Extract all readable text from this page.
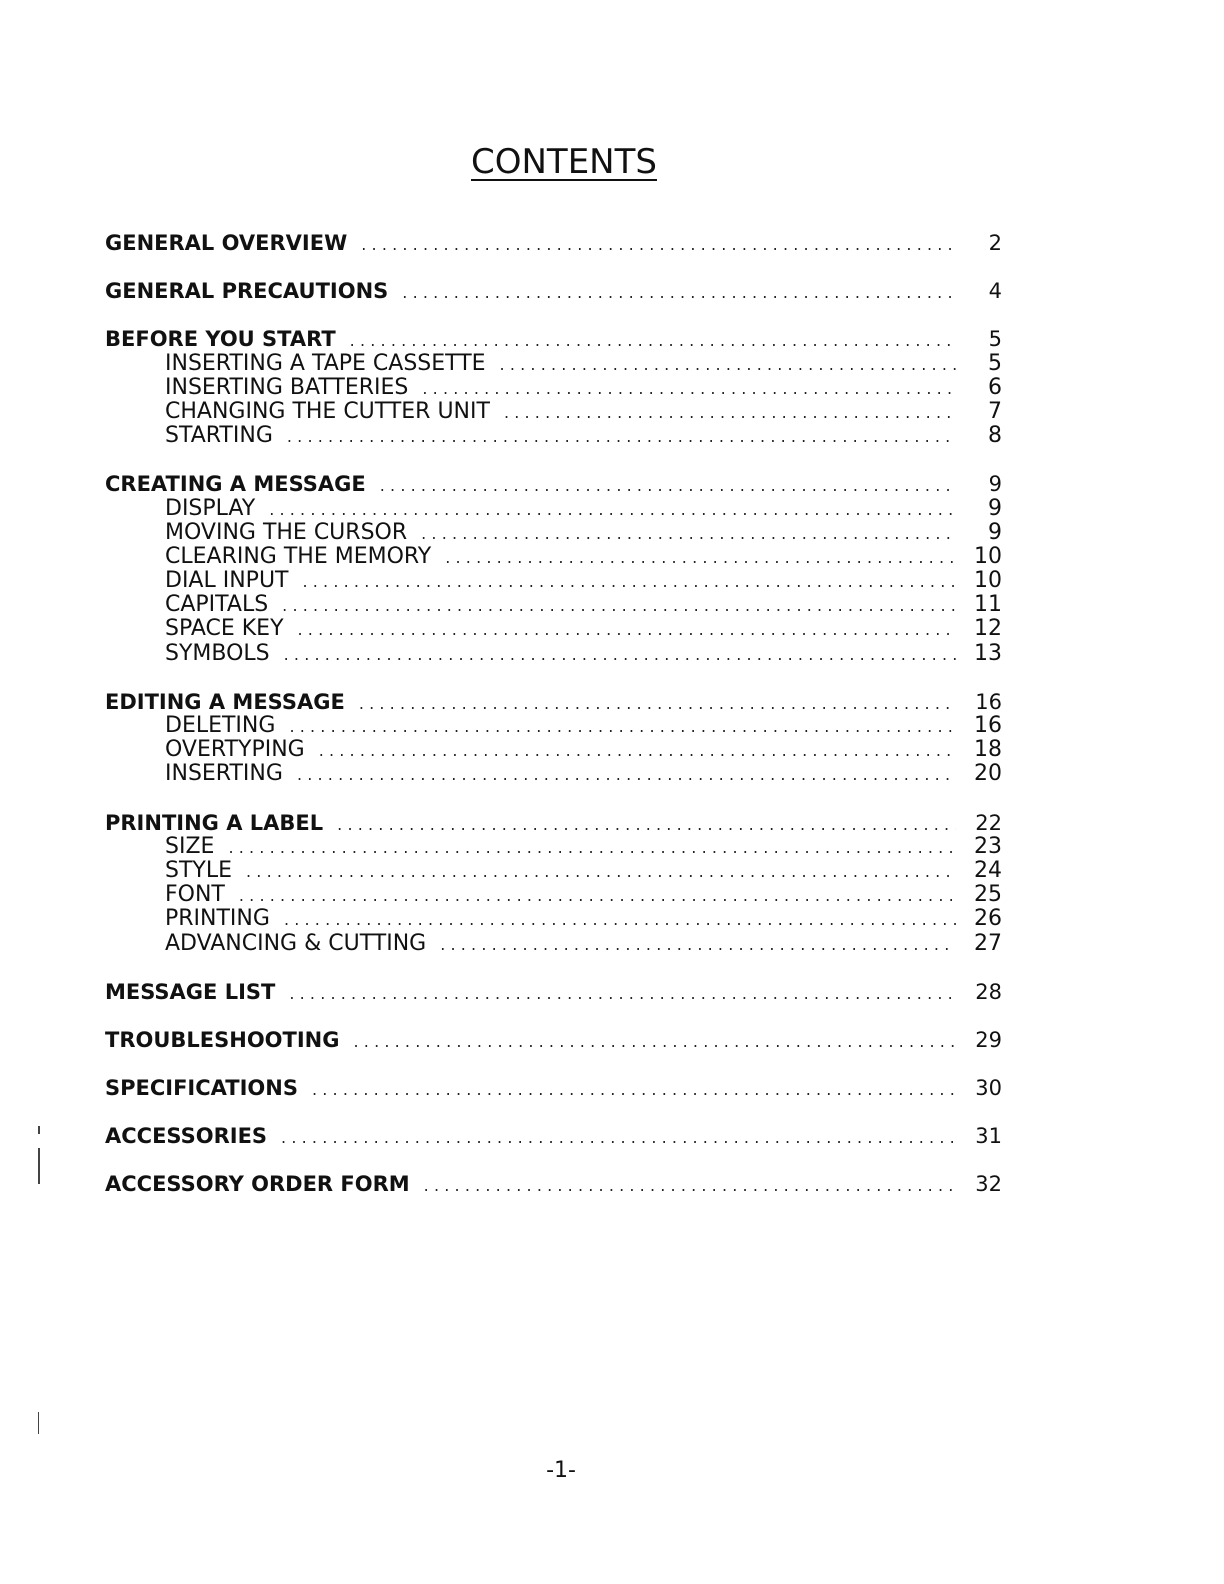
CONTENTS
GENERAL OVERVIEW .....	2
GENERAL PRECAUTIONS .....	4
BEFORE YOU START .....	5
INSERTING A TAPE CASSETTE .....	5
INSERTING BATTERIES .....	6
CHANGING THE CUTTER UNIT .....	7
STARTING .....	8
CREATING A MESSAGE .....	9
DISPLAY .....	9
MOVING THE CURSOR .....	9
CLEARING THE MEMORY .....	10
DIAL INPUT .....	10
CAPITALS .....	11
SPACE KEY .....	12
SYMBOLS .....	13
EDITING A MESSAGE .....	16
DELETING .....	16
OVERTYPING .....	18
INSERTING .....	20
PRINTING A LABEL .....	22
SIZE .....	23
STYLE .....	24
FONT .....	25
PRINTING .....	26
ADVANCING & CUTTING .....	27
MESSAGE LIST .....	28
TROUBLESHOOTING .....	29
SPECIFICATIONS .....	30
ACCESSORIES .....	31
ACCESSORY ORDER FORM .....	32
-1-
